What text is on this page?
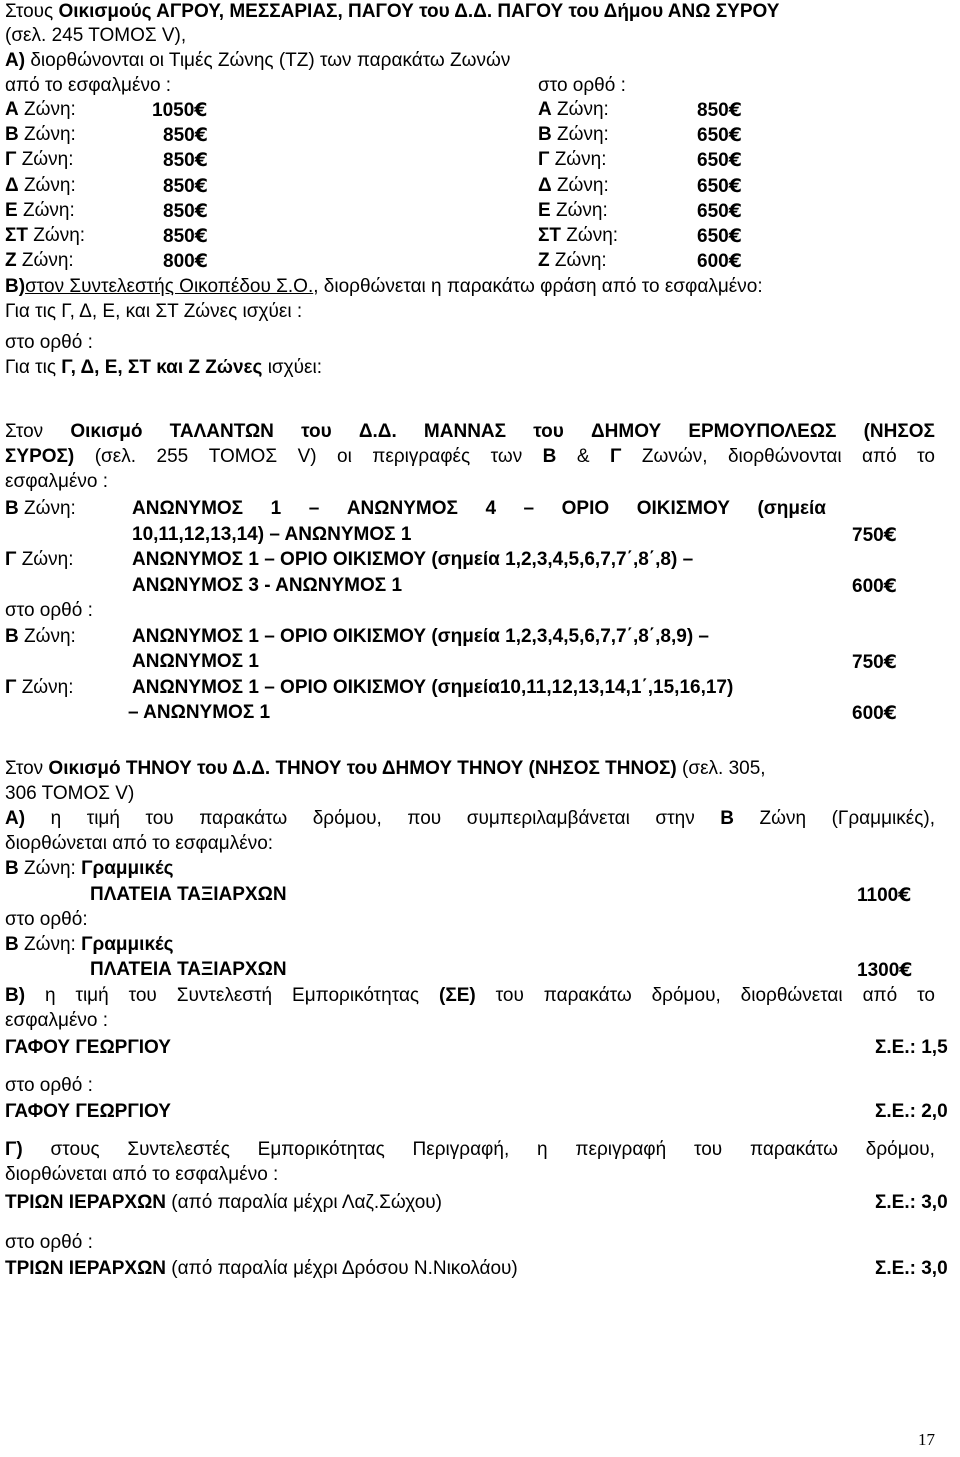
Στους Οικισμούς ΑΓΡΟΥ, ΜΕΣΣΑΡΙΑΣ, ΠΑΓΟΥ του Δ.Δ. ΠΑΓΟΥ του Δήμου ΑΝΩ ΣΥΡΟΥ
(σελ. 245 ΤΟΜΟΣ V),
Α) διορθώνονται οι Τιμές Ζώνης (ΤΖ) των παρακάτω Ζωνών
από το εσφαλμένο :	στο ορθό :
Α Ζώνη:	1050€	Α Ζώνη:	850€
Β Ζώνη:	850€	Β Ζώνη:	650€
Γ Ζώνη:	850€	Γ Ζώνη:	650€
Δ Ζώνη:	850€	Δ Ζώνη:	650€
Ε Ζώνη:	850€	Ε Ζώνη:	650€
ΣΤ Ζώνη:	850€	ΣΤ Ζώνη:	650€
Ζ Ζώνη:	800€	Ζ Ζώνη:	600€
Β)στον Συντελεστής Οικοπέδου Σ.Ο., διορθώνεται η παρακάτω φράση από το εσφαλμένο:
Για τις Γ, Δ, Ε, και ΣΤ Ζώνες ισχύει :
στο ορθό :
Για τις Γ, Δ, Ε, ΣΤ και Ζ Ζώνες ισχύει:
Στον Οικισμό ΤΑΛΑΝΤΩΝ του Δ.Δ. ΜΑΝΝΑΣ του ΔΗΜΟΥ ΕΡΜΟΥΠΟΛΕΩΣ (ΝΗΣΟΣ
ΣΥΡΟΣ) (σελ. 255 ΤΟΜΟΣ V) οι περιγραφές των Β & Γ Ζωνών, διορθώνονται από το
εσφαλμένο :
Β Ζώνη:	ΑΝΩΝΥΜΟΣ 1 – ΑΝΩΝΥΜΟΣ 4 – ΟΡΙΟ ΟΙΚΙΣΜΟΥ (σημεία
10,11,12,13,14) – ΑΝΩΝΥΜΟΣ 1	750€
Γ Ζώνη:	ΑΝΩΝΥΜΟΣ 1 – ΟΡΙΟ ΟΙΚΙΣΜΟΥ (σημεία 1,2,3,4,5,6,7,7΄,8΄,8) –
ΑΝΩΝΥΜΟΣ 3 - ΑΝΩΝΥΜΟΣ 1	600€
στο ορθό :
Β Ζώνη:	ΑΝΩΝΥΜΟΣ 1 – ΟΡΙΟ ΟΙΚΙΣΜΟΥ (σημεία 1,2,3,4,5,6,7,7΄,8΄,8,9) –
ΑΝΩΝΥΜΟΣ 1	750€
Γ Ζώνη:	ΑΝΩΝΥΜΟΣ 1 – ΟΡΙΟ ΟΙΚΙΣΜΟΥ (σημεία10,11,12,13,14,1΄,15,16,17)
– ΑΝΩΝΥΜΟΣ 1	600€
Στον Οικισμό ΤΗΝΟΥ του Δ.Δ. ΤΗΝΟΥ του ΔΗΜΟΥ ΤΗΝΟΥ (ΝΗΣΟΣ ΤΗΝΟΣ) (σελ. 305,
306 ΤΟΜΟΣ V)
Α) η τιμή του παρακάτω δρόμου, που συμπεριλαμβάνεται στην Β Ζώνη (Γραμμικές),
διορθώνεται από το εσφαμλένο:
Β Ζώνη: Γραμμικές
ΠΛΑΤΕΙΑ ΤΑΞΙΑΡΧΩΝ	1100€
στο ορθό:
Β Ζώνη: Γραμμικές
ΠΛΑΤΕΙΑ ΤΑΞΙΑΡΧΩΝ	1300€
Β) η τιμή του Συντελεστή Εμπορικότητας (ΣΕ) του παρακάτω δρόμου, διορθώνεται από το
εσφαλμένο :
ΓΑΦΟΥ ΓΕΩΡΓΙΟΥ	Σ.Ε.: 1,5
στο ορθό :
ΓΑΦΟΥ ΓΕΩΡΓΙΟΥ	Σ.Ε.: 2,0
Γ) στους Συντελεστές Εμπορικότητας Περιγραφή, η περιγραφή του παρακάτω δρόμου,
διορθώνεται από το εσφαλμένο :
ΤΡΙΩΝ ΙΕΡΑΡΧΩΝ (από παραλία μέχρι Λαζ.Σώχου)	Σ.Ε.: 3,0
στο ορθό :
ΤΡΙΩΝ ΙΕΡΑΡΧΩΝ (από παραλία μέχρι Δρόσου Ν.Νικολάου)	Σ.Ε.: 3,0
17
